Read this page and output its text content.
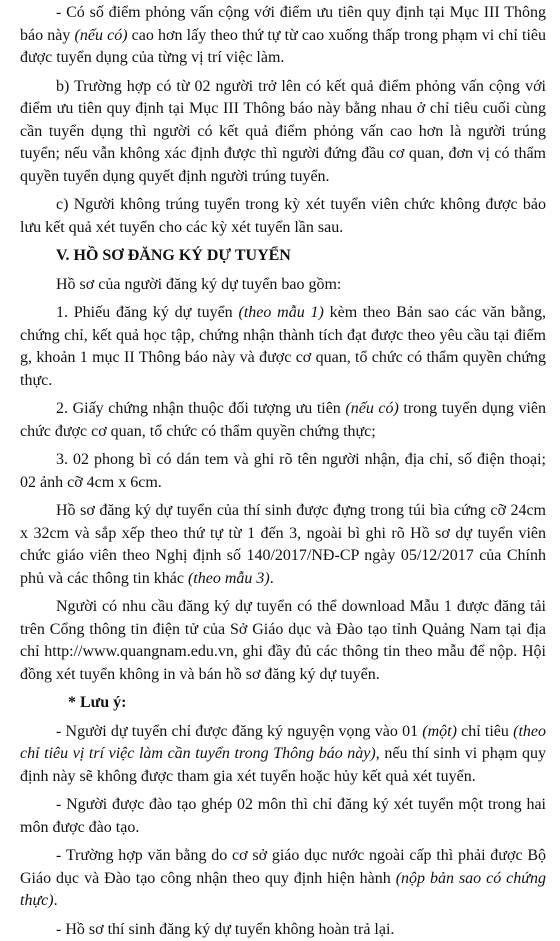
- Có số điểm phỏng vấn cộng với điểm ưu tiên quy định tại Mục III Thông báo này (nếu có) cao hơn lấy theo thứ tự từ cao xuống thấp trong phạm vi chỉ tiêu được tuyển dụng của từng vị trí việc làm.

b) Trường hợp có từ 02 người trở lên có kết quả điểm phỏng vấn cộng với điểm ưu tiên quy định tại Mục III Thông báo này bằng nhau ở chỉ tiêu cuối cùng cần tuyển dụng thì người có kết quả điểm phỏng vấn cao hơn là người trúng tuyển; nếu vẫn không xác định được thì người đứng đầu cơ quan, đơn vị có thẩm quyền tuyển dụng quyết định người trúng tuyển.

c) Người không trúng tuyển trong kỳ xét tuyển viên chức không được bảo lưu kết quả xét tuyển cho các kỳ xét tuyển lần sau.

V. HỒ SƠ ĐĂNG KÝ DỰ TUYỂN

Hồ sơ của người đăng ký dự tuyển bao gồm:

1. Phiếu đăng ký dự tuyển (theo mẫu 1) kèm theo Bản sao các văn bằng, chứng chỉ, kết quả học tập, chứng nhận thành tích đạt được theo yêu cầu tại điểm g, khoản 1 mục II Thông báo này và được cơ quan, tổ chức có thẩm quyền chứng thực.

2. Giấy chứng nhận thuộc đối tượng ưu tiên (nếu có) trong tuyển dụng viên chức được cơ quan, tổ chức có thẩm quyền chứng thực;

3. 02 phong bì có dán tem và ghi rõ tên người nhận, địa chỉ, số điện thoại; 02 ảnh cỡ 4cm x 6cm.

Hồ sơ đăng ký dự tuyển của thí sinh được đựng trong túi bìa cứng cỡ 24cm x 32cm và sắp xếp theo thứ tự từ 1 đến 3, ngoài bì ghi rõ Hồ sơ dự tuyển viên chức giáo viên theo Nghị định số 140/2017/NĐ-CP ngày 05/12/2017 của Chính phủ và các thông tin khác (theo mẫu 3).

Người có nhu cầu đăng ký dự tuyển có thể download Mẫu 1 được đăng tải trên Cổng thông tin điện tử của Sở Giáo dục và Đào tạo tỉnh Quảng Nam tại địa chỉ http://www.quangnam.edu.vn, ghi đầy đủ các thông tin theo mẫu để nộp. Hội đồng xét tuyển không in và bán hồ sơ đăng ký dự tuyển.

* Lưu ý:

- Người dự tuyển chỉ được đăng ký nguyện vọng vào 01 (một) chỉ tiêu (theo chỉ tiêu vị trí việc làm cần tuyển trong Thông báo này), nếu thí sinh vi phạm quy định này sẽ không được tham gia xét tuyển hoặc hủy kết quả xét tuyển.

- Người được đào tạo ghép 02 môn thì chỉ đăng ký xét tuyển một trong hai môn được đào tạo.

- Trường hợp văn bằng do cơ sở giáo dục nước ngoài cấp thì phải được Bộ Giáo dục và Đào tạo công nhận theo quy định hiện hành (nộp bản sao có chứng thực).

- Hồ sơ thí sinh đăng ký dự tuyển không hoàn trả lại.
